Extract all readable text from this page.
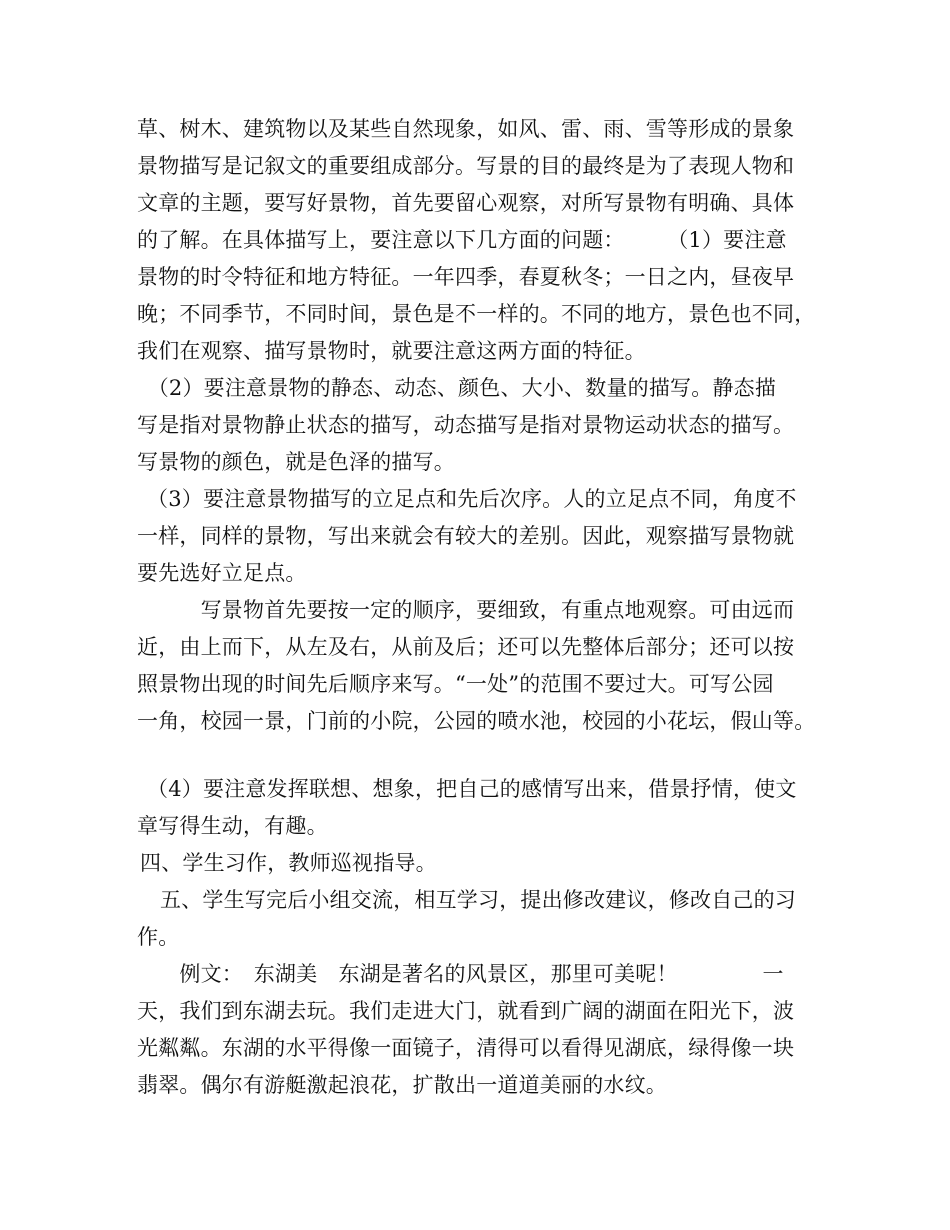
草、树木、建筑物以及某些自然现象，如风、雷、雨、雪等形成的景象
景物描写是记叙文的重要组成部分。写景的目的最终是为了表现人物和
文章的主题，要写好景物，首先要留心观察，对所写景物有明确、具体
的了解。在具体描写上，要注意以下几方面的问题：　　　（1）要注意
景物的时令特征和地方特征。一年四季，春夏秋冬；一日之内，昼夜早
晚；不同季节，不同时间，景色是不一样的。不同的地方，景色也不同，
我们在观察、描写景物时，就要注意这两方面的特征。
　（2）要注意景物的静态、动态、颜色、大小、数量的描写。静态描
写是指对景物静止状态的描写，动态描写是指对景物运动状态的描写。
写景物的颜色，就是色泽的描写。
（3）要注意景物描写的立足点和先后次序。人的立足点不同，角度不
一样，同样的景物，写出来就会有较大的差别。因此，观察描写景物就
要先选好立足点。
　　　写景物首先要按一定的顺序，要细致，有重点地观察。可由远而
近，由上而下，从左及右，从前及后；还可以先整体后部分；还可以按
照景物出现的时间先后顺序来写。“一处”的范围不要过大。可写公园
一角，校园一景，门前的小院，公园的喷水池，校园的小花坛，假山等。
（4）要注意发挥联想、想象，把自己的感情写出来，借景抒情，使文
章写得生动，有趣。
四、学生习作，教师巡视指导。
五、学生写完后小组交流，相互学习，提出修改建议，修改自己的习
作。
　　例文：　东湖美　东湖是著名的风景区，那里可美呢！　　　　一
天，我们到东湖去玩。我们走进大门，就看到广阔的湖面在阳光下，波
光粼粼。东湖的水平得像一面镜子，清得可以看得见湖底，绿得像一块
翡翠。偶尔有游艇激起浪花，扩散出一道道美丽的水纹。
